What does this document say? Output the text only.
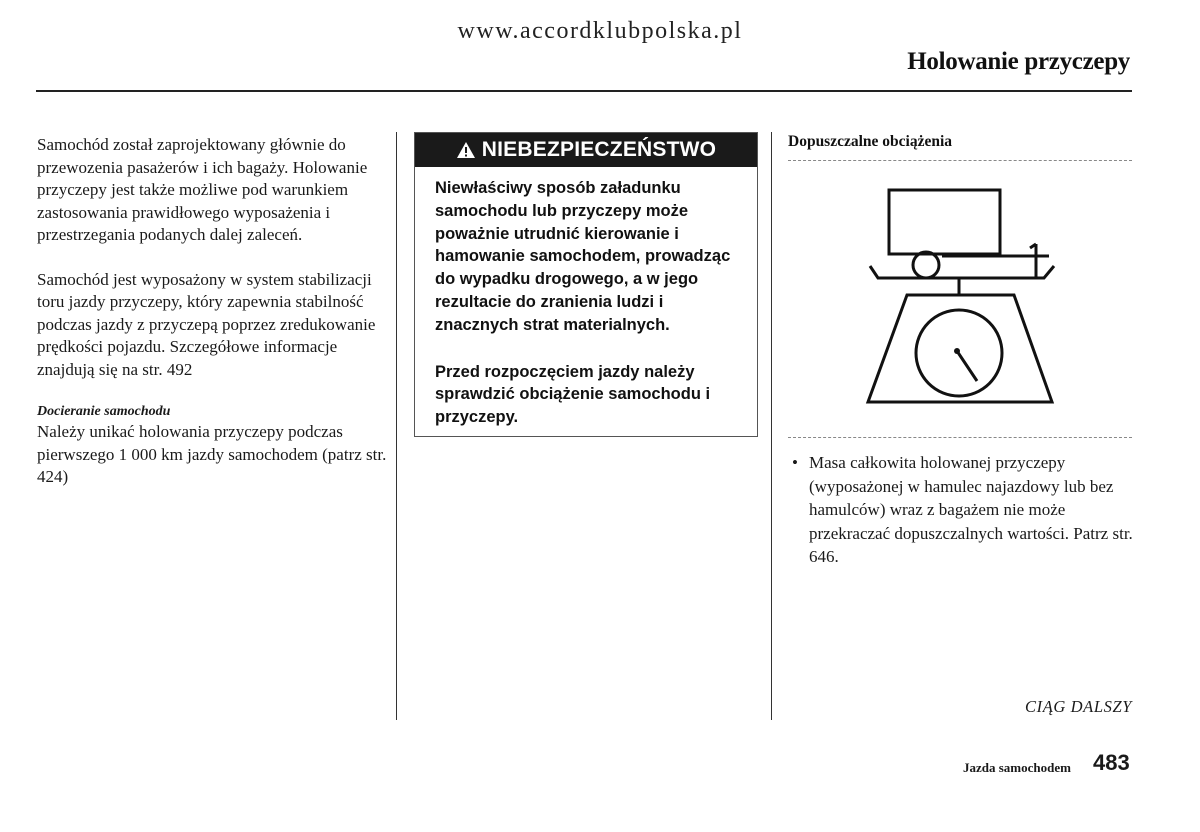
www.accordklubpolska.pl
Holowanie przyczepy

Samochód został zaprojektowany głównie do przewozenia pasażerów i ich bagaży. Holowanie przyczepy jest także możliwe pod warunkiem zastosowania prawidłowego wyposażenia i przestrzegania podanych dalej zaleceń.

Samochód jest wyposażony w system stabilizacji toru jazdy przyczepy, który zapewnia stabilność podczas jazdy z przyczepą poprzez zredukowanie prędkości pojazdu. Szczegółowe informacje znajdują się na str. 492

Docieranie samochodu

Należy unikać holowania przyczepy podczas pierwszego 1 000 km jazdy samochodem (patrz str. 424)

NIEBEZPIECZEŃSTWO

Niewłaściwy sposób załadunku samochodu lub przyczepy może poważnie utrudnić kierowanie i hamowanie samochodem, prowadząc do wypadku drogowego, a w jego rezultacie do zranienia ludzi i znacznych strat materialnych.

Przed rozpoczęciem jazdy należy sprawdzić obciążenie samochodu i przyczepy.

Dopuszczalne obciążenia
• Masa całkowita holowanej przyczepy (wyposażonej w hamulec najazdowy lub bez hamulców) wraz z bagażem nie może przekraczać dopuszczalnych wartości. Patrz str. 646.
CIĄG DALSZY
Jazda samochodem 483
